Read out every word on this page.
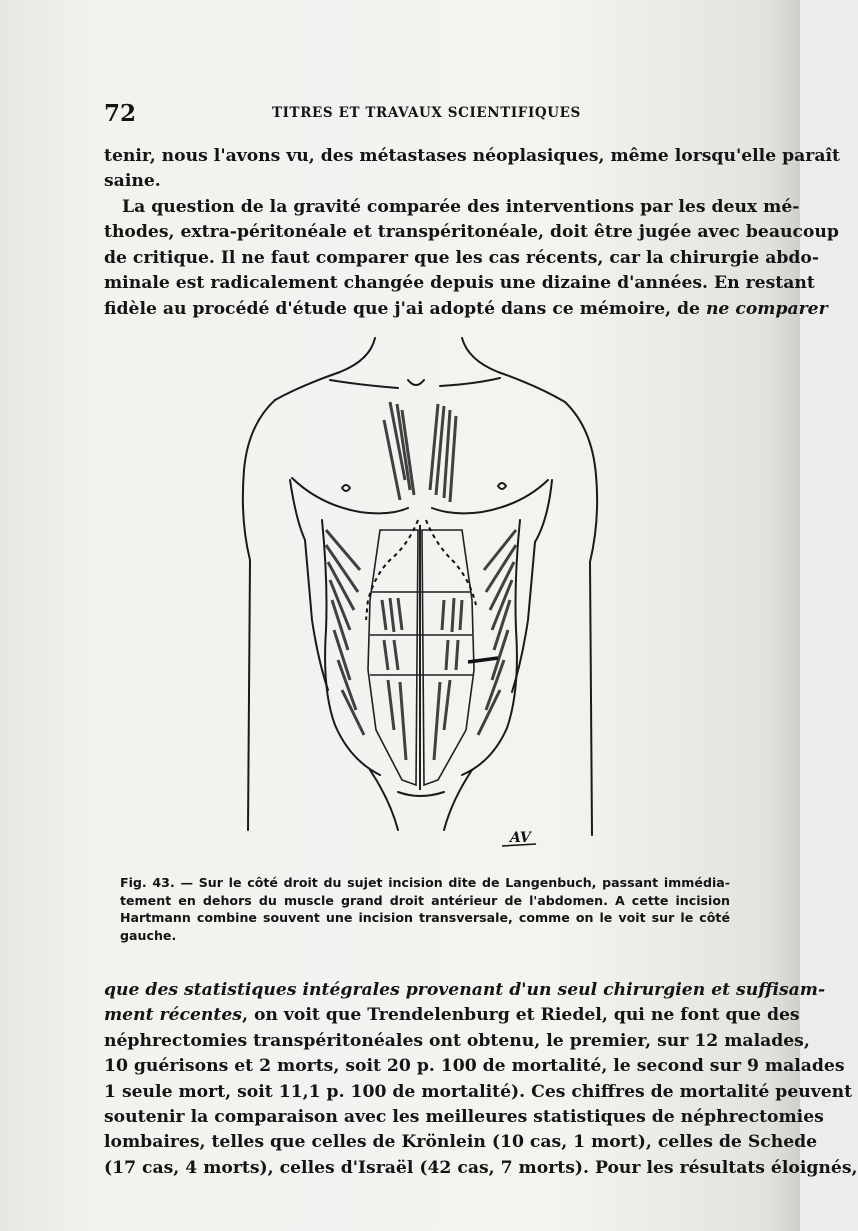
72	TITRES ET TRAVAUX SCIENTIFIQUES
tenir, nous l'avons vu, des métastases néoplasiques, même lorsqu'elle paraît
saine.
La question de la gravité comparée des interventions par les deux mé-
thodes, extra-péritonéale et transpéritonéale, doit être jugée avec beaucoup
de critique. Il ne faut comparer que les cas récents, car la chirurgie abdo-
minale est radicalement changée depuis une dizaine d'années. En restant
fidèle au procédé d'étude que j'ai adopté dans ce mémoire, de ne comparer
AV
Fig. 43. — Sur le côté droit du sujet incision dite de Langenbuch, passant immédia-
tement en dehors du muscle grand droit antérieur de l'abdomen. A cette incision
Hartmann combine souvent une incision transversale, comme on le voit sur le côté
gauche.
que des statistiques intégrales provenant d'un seul chirurgien et suffisam-
ment récentes, on voit que Trendelenburg et Riedel, qui ne font que des
néphrectomies transpéritonéales ont obtenu, le premier, sur 12 malades,
10 guérisons et 2 morts, soit 20 p. 100 de mortalité, le second sur 9 malades
1 seule mort, soit 11,1 p. 100 de mortalité). Ces chiffres de mortalité peuvent
soutenir la comparaison avec les meilleures statistiques de néphrectomies
lombaires, telles que celles de Krönlein (10 cas, 1 mort), celles de Schede
(17 cas, 4 morts), celles d'Israël (42 cas, 7 morts). Pour les résultats éloignés,
